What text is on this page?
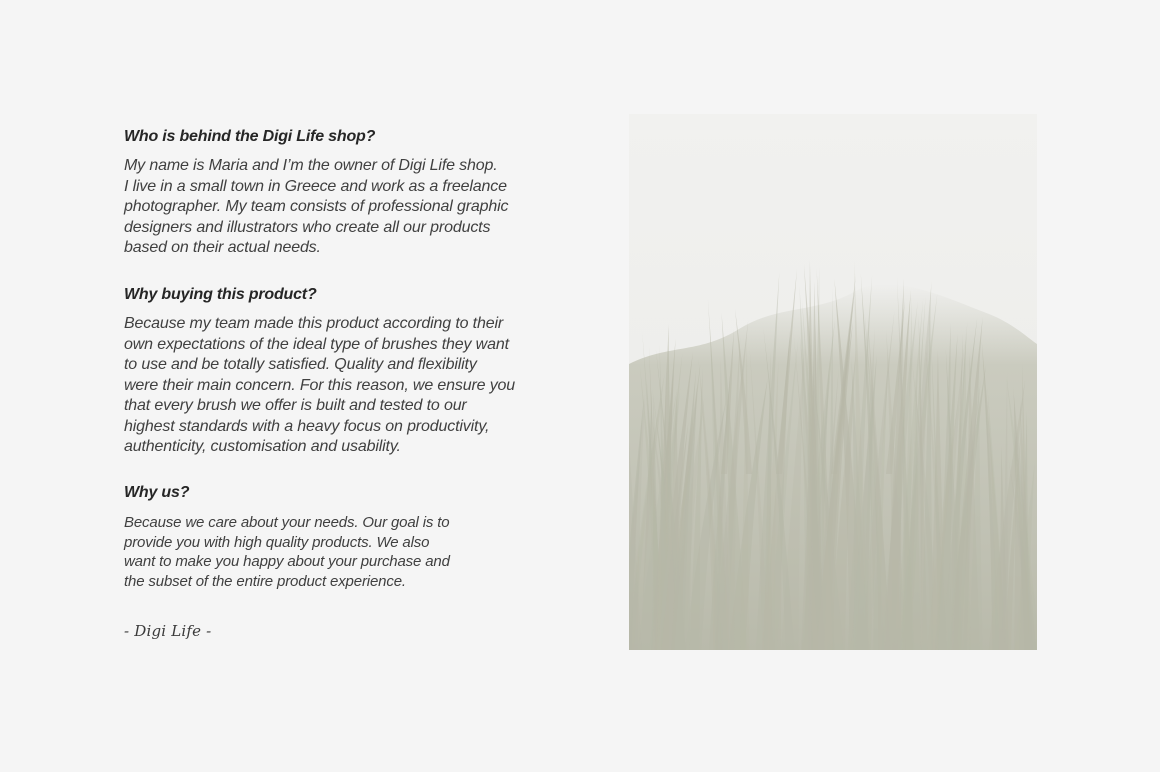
Who is behind the Digi Life shop?

My name is Maria and I’m the owner of Digi Life shop.
I live in a small town in Greece and work as a freelance
photographer. My team consists of professional graphic
designers and illustrators who create all our products
based on their actual needs.

Why buying this product?

Because my team made this product according to their
own expectations of the ideal type of brushes they want
to use and be totally satisfied. Quality and flexibility
were their main concern. For this reason, we ensure you
that every brush we offer is built and tested to our
highest standards with a heavy focus on productivity,
authenticity, customisation and usability.

Why us?

Because we care about your needs. Our goal is to
provide you with high quality products. We also
want to make you happy about your purchase and
the subset of the entire product experience.

- Digi Life -
